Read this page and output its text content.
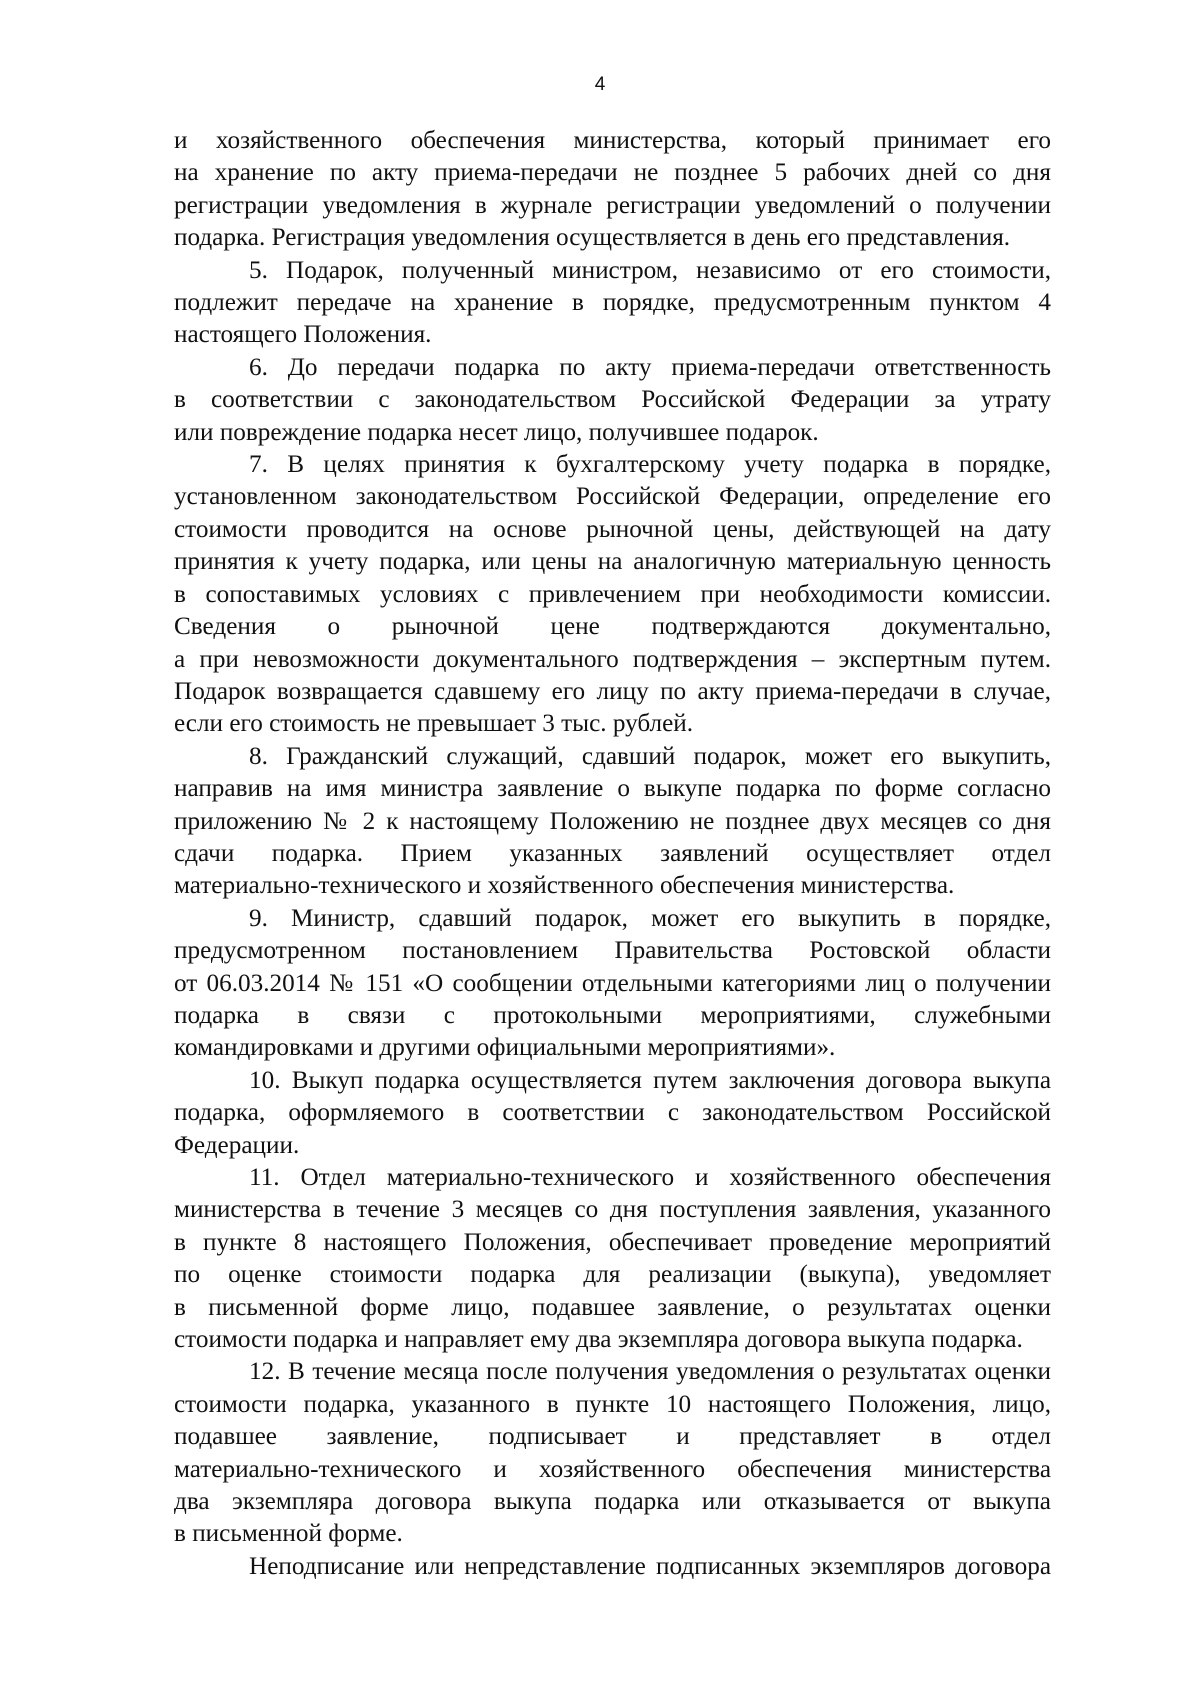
4

и хозяйственного обеспечения министерства, который принимает его

на хранение по акту приема-передачи не позднее 5 рабочих дней со дня

регистрации уведомления в журнале регистрации уведомлений о получении

подарка. Регистрация уведомления осуществляется в день его представления.

5. Подарок, полученный министром, независимо от его стоимости,

подлежит передаче на хранение в порядке, предусмотренным пунктом 4

настоящего Положения.

6. До передачи подарка по акту приема-передачи ответственность

в соответствии с законодательством Российской Федерации за утрату

или повреждение подарка несет лицо, получившее подарок.

7. В целях принятия к бухгалтерскому учету подарка в порядке,

установленном законодательством Российской Федерации, определение его

стоимости проводится на основе рыночной цены, действующей на дату

принятия к учету подарка, или цены на аналогичную материальную ценность

в сопоставимых условиях с привлечением при необходимости комиссии.

Сведения о рыночной цене подтверждаются документально,

а при невозможности документального подтверждения – экспертным путем.

Подарок возвращается сдавшему его лицу по акту приема-передачи в случае,

если его стоимость не превышает 3 тыс. рублей.

8. Гражданский служащий, сдавший подарок, может его выкупить,

направив на имя министра заявление о выкупе подарка по форме согласно

приложению № 2 к настоящему Положению не позднее двух месяцев со дня

сдачи подарка. Прием указанных заявлений осуществляет отдел

материально-технического и хозяйственного обеспечения министерства.

9. Министр, сдавший подарок, может его выкупить в порядке,

предусмотренном постановлением Правительства Ростовской области

от 06.03.2014 № 151 «О сообщении отдельными категориями лиц о получении

подарка в связи с протокольными мероприятиями, служебными

командировками и другими официальными мероприятиями».

10. Выкуп подарка осуществляется путем заключения договора выкупа

подарка, оформляемого в соответствии с законодательством Российской

Федерации.

11. Отдел материально-технического и хозяйственного обеспечения

министерства в течение 3 месяцев со дня поступления заявления, указанного

в пункте 8 настоящего Положения, обеспечивает проведение мероприятий

по оценке стоимости подарка для реализации (выкупа), уведомляет

в письменной форме лицо, подавшее заявление, о результатах оценки

стоимости подарка и направляет ему два экземпляра договора выкупа подарка.

12. В течение месяца после получения уведомления о результатах оценки

стоимости подарка, указанного в пункте 10 настоящего Положения, лицо,

подавшее заявление, подписывает и представляет в отдел

материально-технического и хозяйственного обеспечения министерства

два экземпляра договора выкупа подарка или отказывается от выкупа

в письменной форме.

Неподписание или непредставление подписанных экземпляров договора
